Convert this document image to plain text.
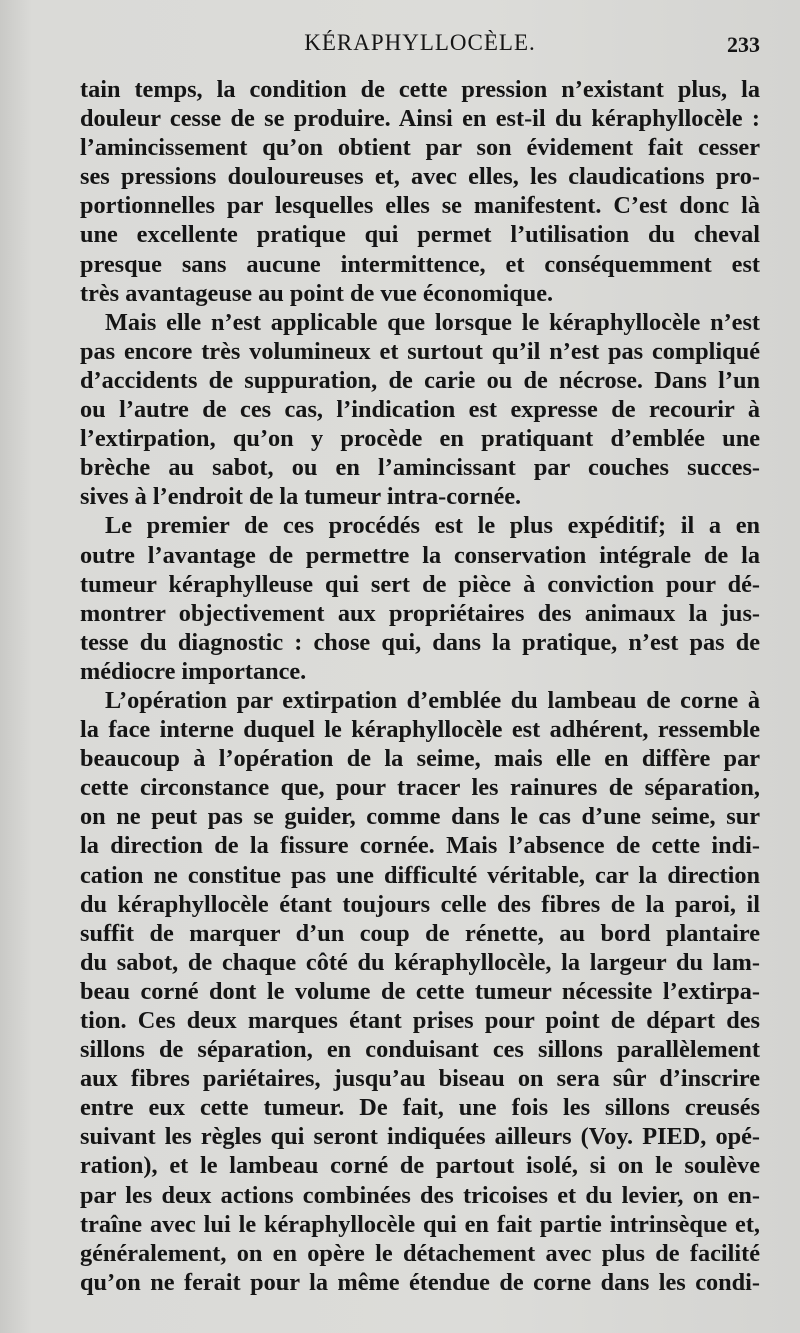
KÉRAPHYLLOCÈLE.	233
tain temps, la condition de cette pression n’existant plus, la
douleur cesse de se produire. Ainsi en est-il du kéraphyllocèle :
l’amincissement qu’on obtient par son évidement fait cesser
ses pressions douloureuses et, avec elles, les claudications pro-
portionnelles par lesquelles elles se manifestent. C’est donc là
une excellente pratique qui permet l’utilisation du cheval
presque sans aucune intermittence, et conséquemment est
très avantageuse au point de vue économique.
Mais elle n’est applicable que lorsque le kéraphyllocèle n’est
pas encore très volumineux et surtout qu’il n’est pas compliqué
d’accidents de suppuration, de carie ou de nécrose. Dans l’un
ou l’autre de ces cas, l’indication est expresse de recourir à
l’extirpation, qu’on y procède en pratiquant d’emblée une
brèche au sabot, ou en l’amincissant par couches succes-
sives à l’endroit de la tumeur intra-cornée.
Le premier de ces procédés est le plus expéditif; il a en
outre l’avantage de permettre la conservation intégrale de la
tumeur kéraphylleuse qui sert de pièce à conviction pour dé-
montrer objectivement aux propriétaires des animaux la jus-
tesse du diagnostic : chose qui, dans la pratique, n’est pas de
médiocre importance.
L’opération par extirpation d’emblée du lambeau de corne à
la face interne duquel le kéraphyllocèle est adhérent, ressemble
beaucoup à l’opération de la seime, mais elle en diffère par
cette circonstance que, pour tracer les rainures de séparation,
on ne peut pas se guider, comme dans le cas d’une seime, sur
la direction de la fissure cornée. Mais l’absence de cette indi-
cation ne constitue pas une difficulté véritable, car la direction
du kéraphyllocèle étant toujours celle des fibres de la paroi, il
suffit de marquer d’un coup de rénette, au bord plantaire
du sabot, de chaque côté du kéraphyllocèle, la largeur du lam-
beau corné dont le volume de cette tumeur nécessite l’extirpa-
tion. Ces deux marques étant prises pour point de départ des
sillons de séparation, en conduisant ces sillons parallèlement
aux fibres pariétaires, jusqu’au biseau on sera sûr d’inscrire
entre eux cette tumeur. De fait, une fois les sillons creusés
suivant les règles qui seront indiquées ailleurs (Voy. PIED, opé-
ration), et le lambeau corné de partout isolé, si on le soulève
par les deux actions combinées des tricoises et du levier, on en-
traîne avec lui le kéraphyllocèle qui en fait partie intrinsèque et,
généralement, on en opère le détachement avec plus de facilité
qu’on ne ferait pour la même étendue de corne dans les condi-
